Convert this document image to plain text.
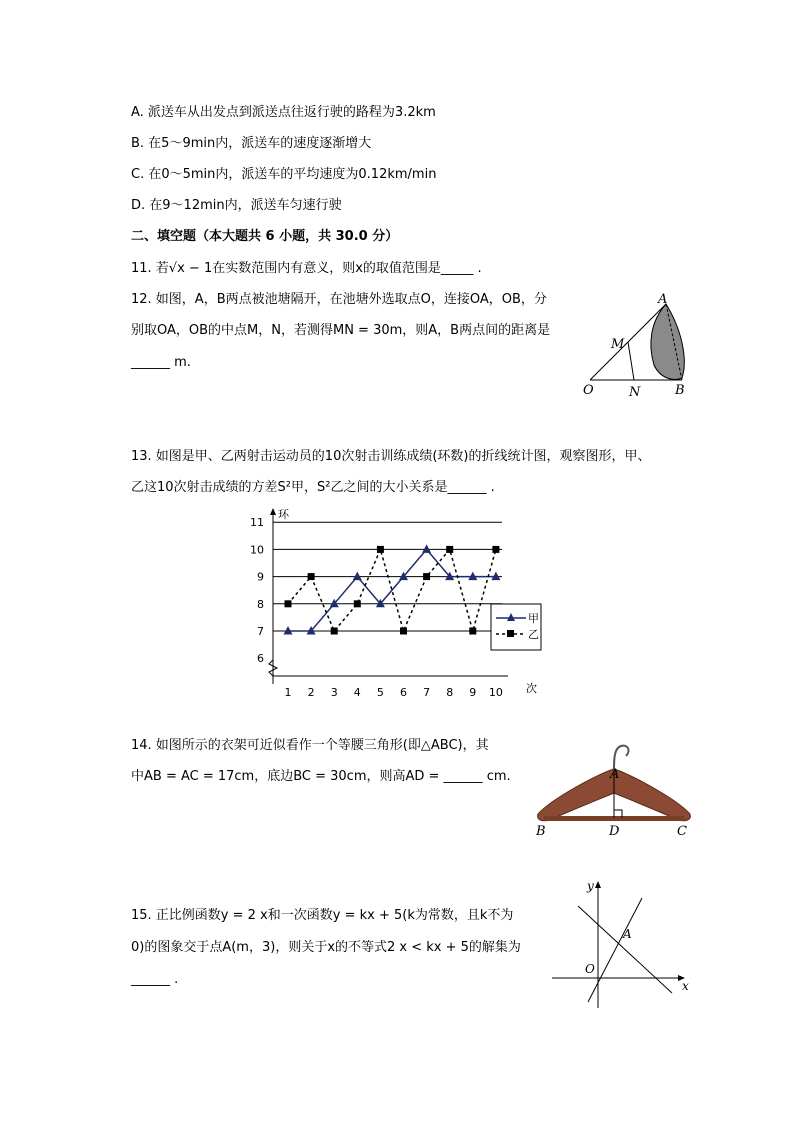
A. 派送车从出发点到派送点往返行驶的路程为3.2km
B. 在5～9min内，派送车的速度逐渐增大
C. 在0～5min内，派送车的平均速度为0.12km/min
D. 在9～12min内，派送车匀速行驶
二、填空题（本大题共 6 小题，共 30.0 分）
11. 若√x − 1在实数范围内有意义，则x的取值范围是_____ .
12. 如图，A，B两点被池塘隔开，在池塘外选取点O，连接OA，OB，分
别取OA，OB的中点M，N，若测得MN = 30m，则A，B两点间的距离是
______ m.
A
M
O	N	B
13. 如图是甲、乙两射击运动员的10次射击训练成绩(环数)的折线统计图，观察图形，甲、
乙这10次射击成绩的方差S²甲，S²乙之间的大小关系是______ .
6
7
8
9
10
11
环
1 2 3 4 5 6 7 8 9 10 次
甲
乙
14. 如图所示的衣架可近似看作一个等腰三角形(即△ABC)，其
中AB = AC = 17cm，底边BC = 30cm，则高AD = ______ cm.	A
B	D	C
15. 正比例函数y = 2 x和一次函数y = kx + 5(k为常数，且k不为
0)的图象交于点A(m，3)，则关于x的不等式2 x < kx + 5的解集为
______ .
y
x
O
A
